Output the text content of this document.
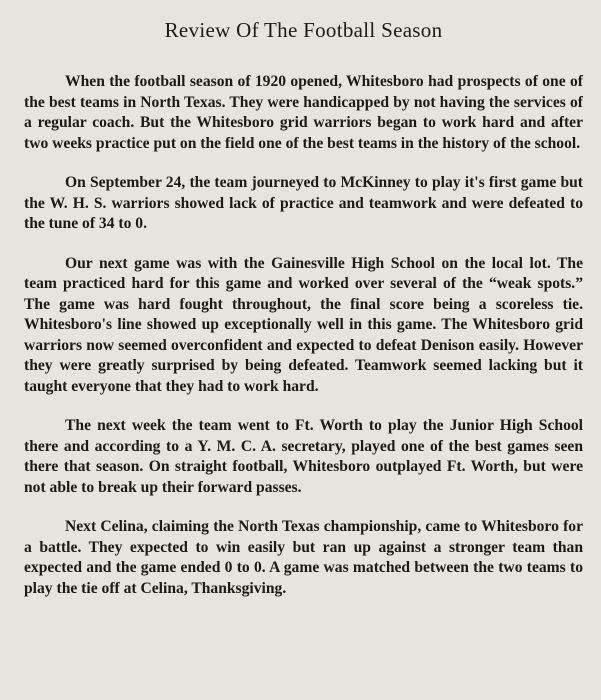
Review Of The Football Season

When the football season of 1920 opened, Whitesboro had prospects of one of the best teams in North Texas. They were handicapped by not having the services of a regular coach. But the Whitesboro grid warriors began to work hard and after two weeks practice put on the field one of the best teams in the history of the school.

On September 24, the team journeyed to McKinney to play it's first game but the W. H. S. warriors showed lack of practice and teamwork and were defeated to the tune of 34 to 0.

Our next game was with the Gainesville High School on the local lot. The team practiced hard for this game and worked over several of the “weak spots.” The game was hard fought throughout, the final score being a scoreless tie. Whitesboro's line showed up exceptionally well in this game. The Whitesboro grid warriors now seemed overconfident and expected to defeat Denison easily. However they were greatly surprised by being defeated. Teamwork seemed lacking but it taught everyone that they had to work hard.

The next week the team went to Ft. Worth to play the Junior High School there and according to a Y. M. C. A. secretary, played one of the best games seen there that season. On straight football, Whitesboro outplayed Ft. Worth, but were not able to break up their forward passes.

Next Celina, claiming the North Texas championship, came to Whitesboro for a battle. They expected to win easily but ran up against a stronger team than expected and the game ended 0 to 0. A game was matched between the two teams to play the tie off at Celina, Thanksgiving.
